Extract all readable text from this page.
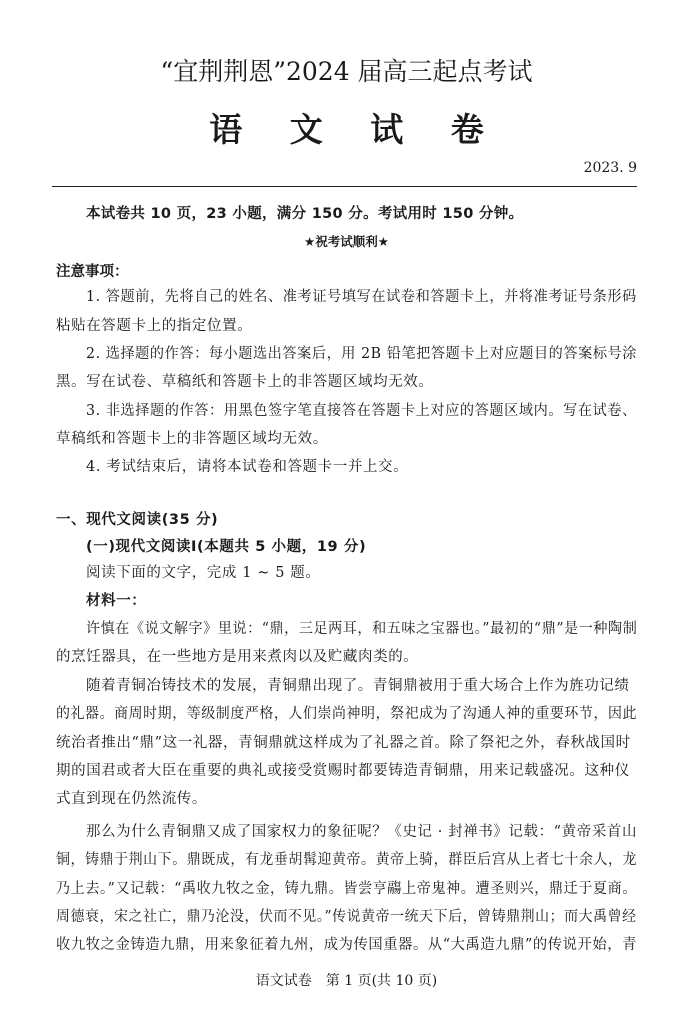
“宜荆荆恩”2024 届高三起点考试
语 文 试 卷
2023. 9
本试卷共 10 页，23 小题，满分 150 分。考试用时 150 分钟。
★祝考试顺利★
注意事项：
1. 答题前，先将自己的姓名、准考证号填写在试卷和答题卡上，并将准考证号条形码
粘贴在答题卡上的指定位置。
2. 选择题的作答：每小题选出答案后，用 2B 铅笔把答题卡上对应题目的答案标号涂
黑。写在试卷、草稿纸和答题卡上的非答题区域均无效。
3. 非选择题的作答：用黑色签字笔直接答在答题卡上对应的答题区域内。写在试卷、
草稿纸和答题卡上的非答题区域均无效。
4. 考试结束后，请将本试卷和答题卡一并上交。
一、现代文阅读(35 分)
(一)现代文阅读Ⅰ(本题共 5 小题，19 分)
阅读下面的文字，完成 1 ~ 5 题。
材料一：
许慎在《说文解字》里说：“鼎，三足两耳，和五味之宝器也。”最初的“鼎”是一种陶制
的烹饪器具，在一些地方是用来煮肉以及贮藏肉类的。
随着青铜冶铸技术的发展，青铜鼎出现了。青铜鼎被用于重大场合上作为旌功记绩
的礼器。商周时期，等级制度严格，人们崇尚神明，祭祀成为了沟通人神的重要环节，因此
统治者推出“鼎”这一礼器，青铜鼎就这样成为了礼器之首。除了祭祀之外，春秋战国时
期的国君或者大臣在重要的典礼或接受赏赐时都要铸造青铜鼎，用来记载盛况。这种仪
式直到现在仍然流传。
那么为什么青铜鼎又成了国家权力的象征呢？《史记 · 封禅书》记载：“黄帝采首山
铜，铸鼎于荆山下。鼎既成，有龙垂胡髯迎黄帝。黄帝上骑，群臣后宫从上者七十余人，龙
乃上去。”又记载：“禹收九牧之金，铸九鼎。皆尝亨鬺上帝鬼神。遭圣则兴，鼎迁于夏商。
周德衰，宋之社亡，鼎乃沦没，伏而不见。”传说黄帝一统天下后，曾铸鼎荆山；而大禹曾经
收九牧之金铸造九鼎，用来象征着九州，成为传国重器。从“大禹造九鼎”的传说开始，青
语文试卷　第 1 页(共 10 页)
